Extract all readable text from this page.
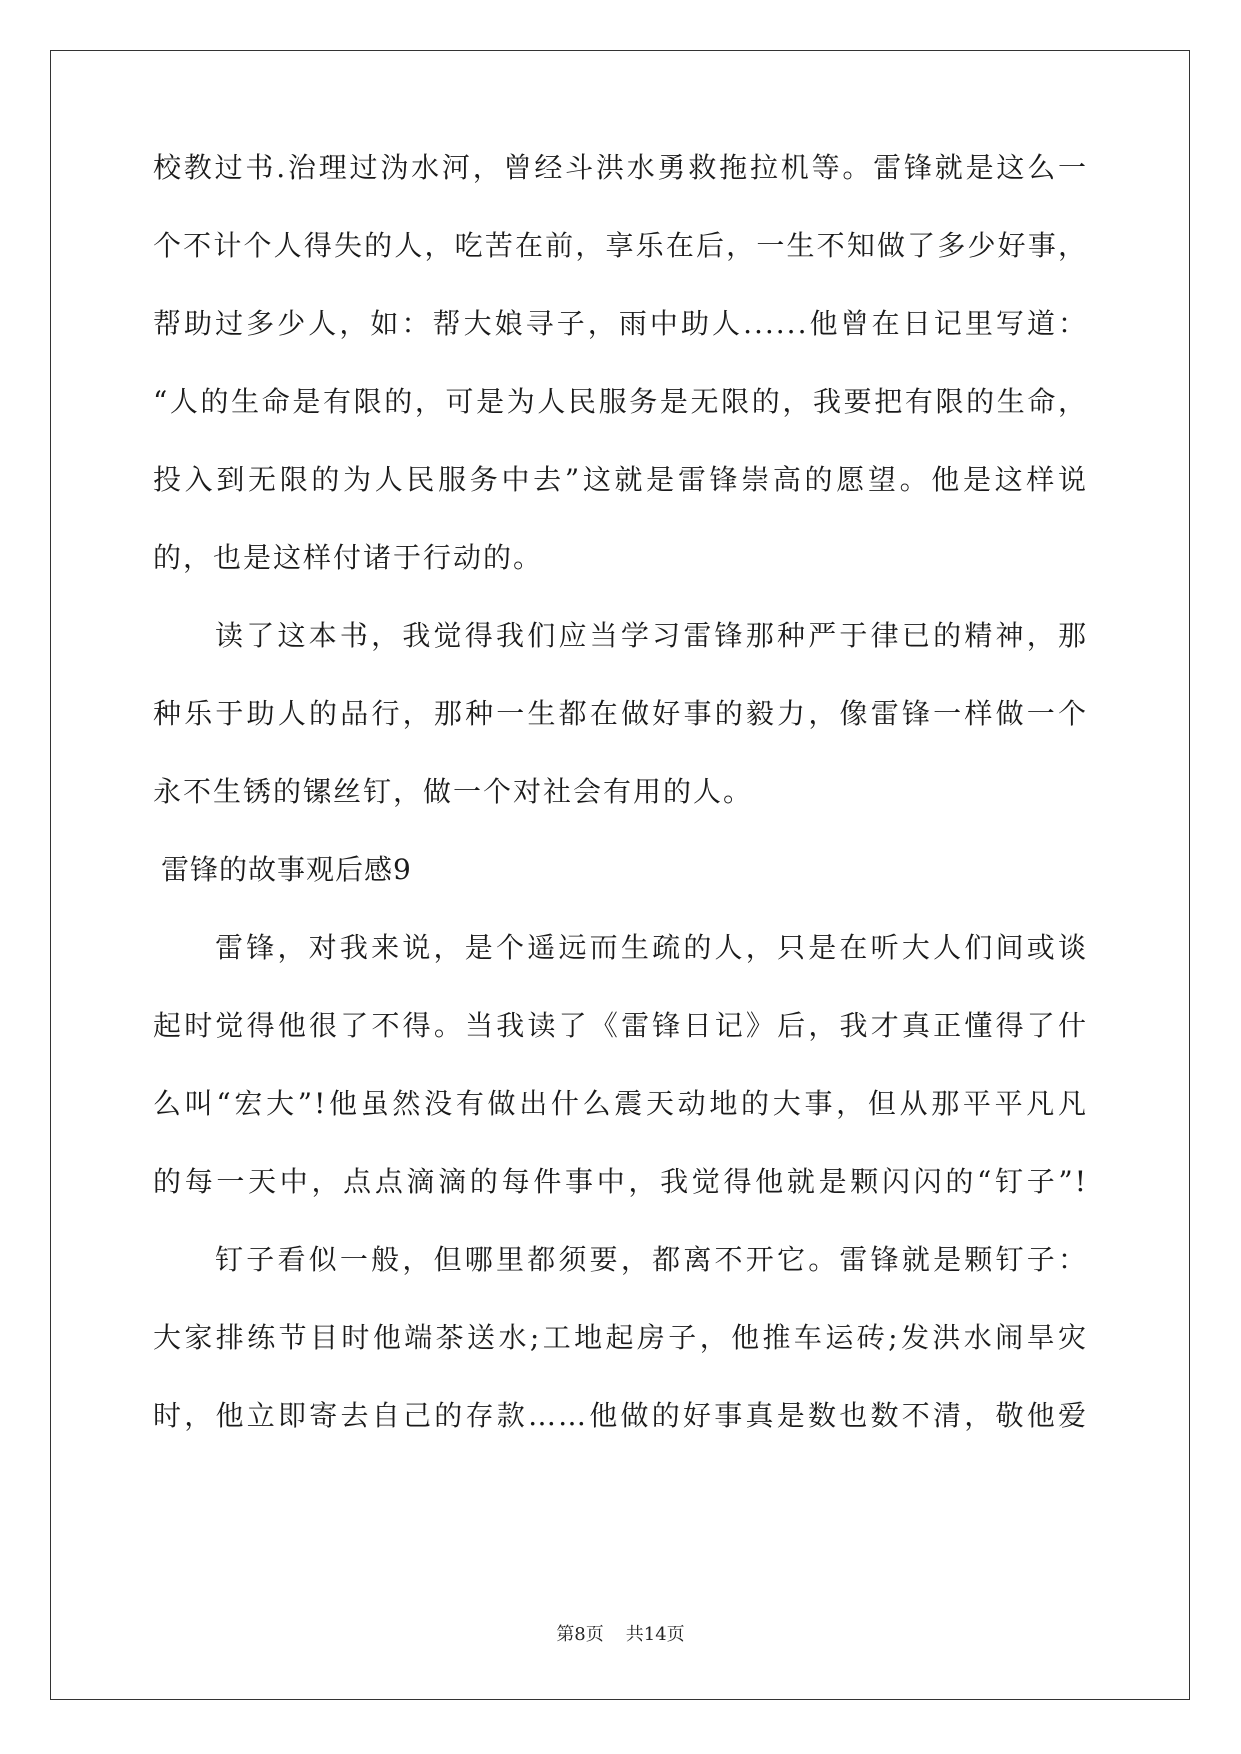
校教过书.治理过沩水河，曾经斗洪水勇救拖拉机等。雷锋就是这么一
个不计个人得失的人，吃苦在前，享乐在后，一生不知做了多少好事，
帮助过多少人，如：帮大娘寻子，雨中助人......他曾在日记里写道：
“人的生命是有限的，可是为人民服务是无限的，我要把有限的生命，
投入到无限的为人民服务中去”这就是雷锋崇高的愿望。他是这样说
的，也是这样付诸于行动的。
读了这本书，我觉得我们应当学习雷锋那种严于律已的精神，那
种乐于助人的品行，那种一生都在做好事的毅力，像雷锋一样做一个
永不生锈的镙丝钉，做一个对社会有用的人。
雷锋的故事观后感9
雷锋，对我来说，是个遥远而生疏的人，只是在听大人们间或谈
起时觉得他很了不得。当我读了《雷锋日记》后，我才真正懂得了什
么叫“宏大”!他虽然没有做出什么震天动地的大事，但从那平平凡凡
的每一天中，点点滴滴的每件事中，我觉得他就是颗闪闪的“钉子”!
钉子看似一般，但哪里都须要，都离不开它。雷锋就是颗钉子：
大家排练节目时他端茶送水;工地起房子，他推车运砖;发洪水闹旱灾
时，他立即寄去自己的存款……他做的好事真是数也数不清，敬他爱
第8页 共14页
